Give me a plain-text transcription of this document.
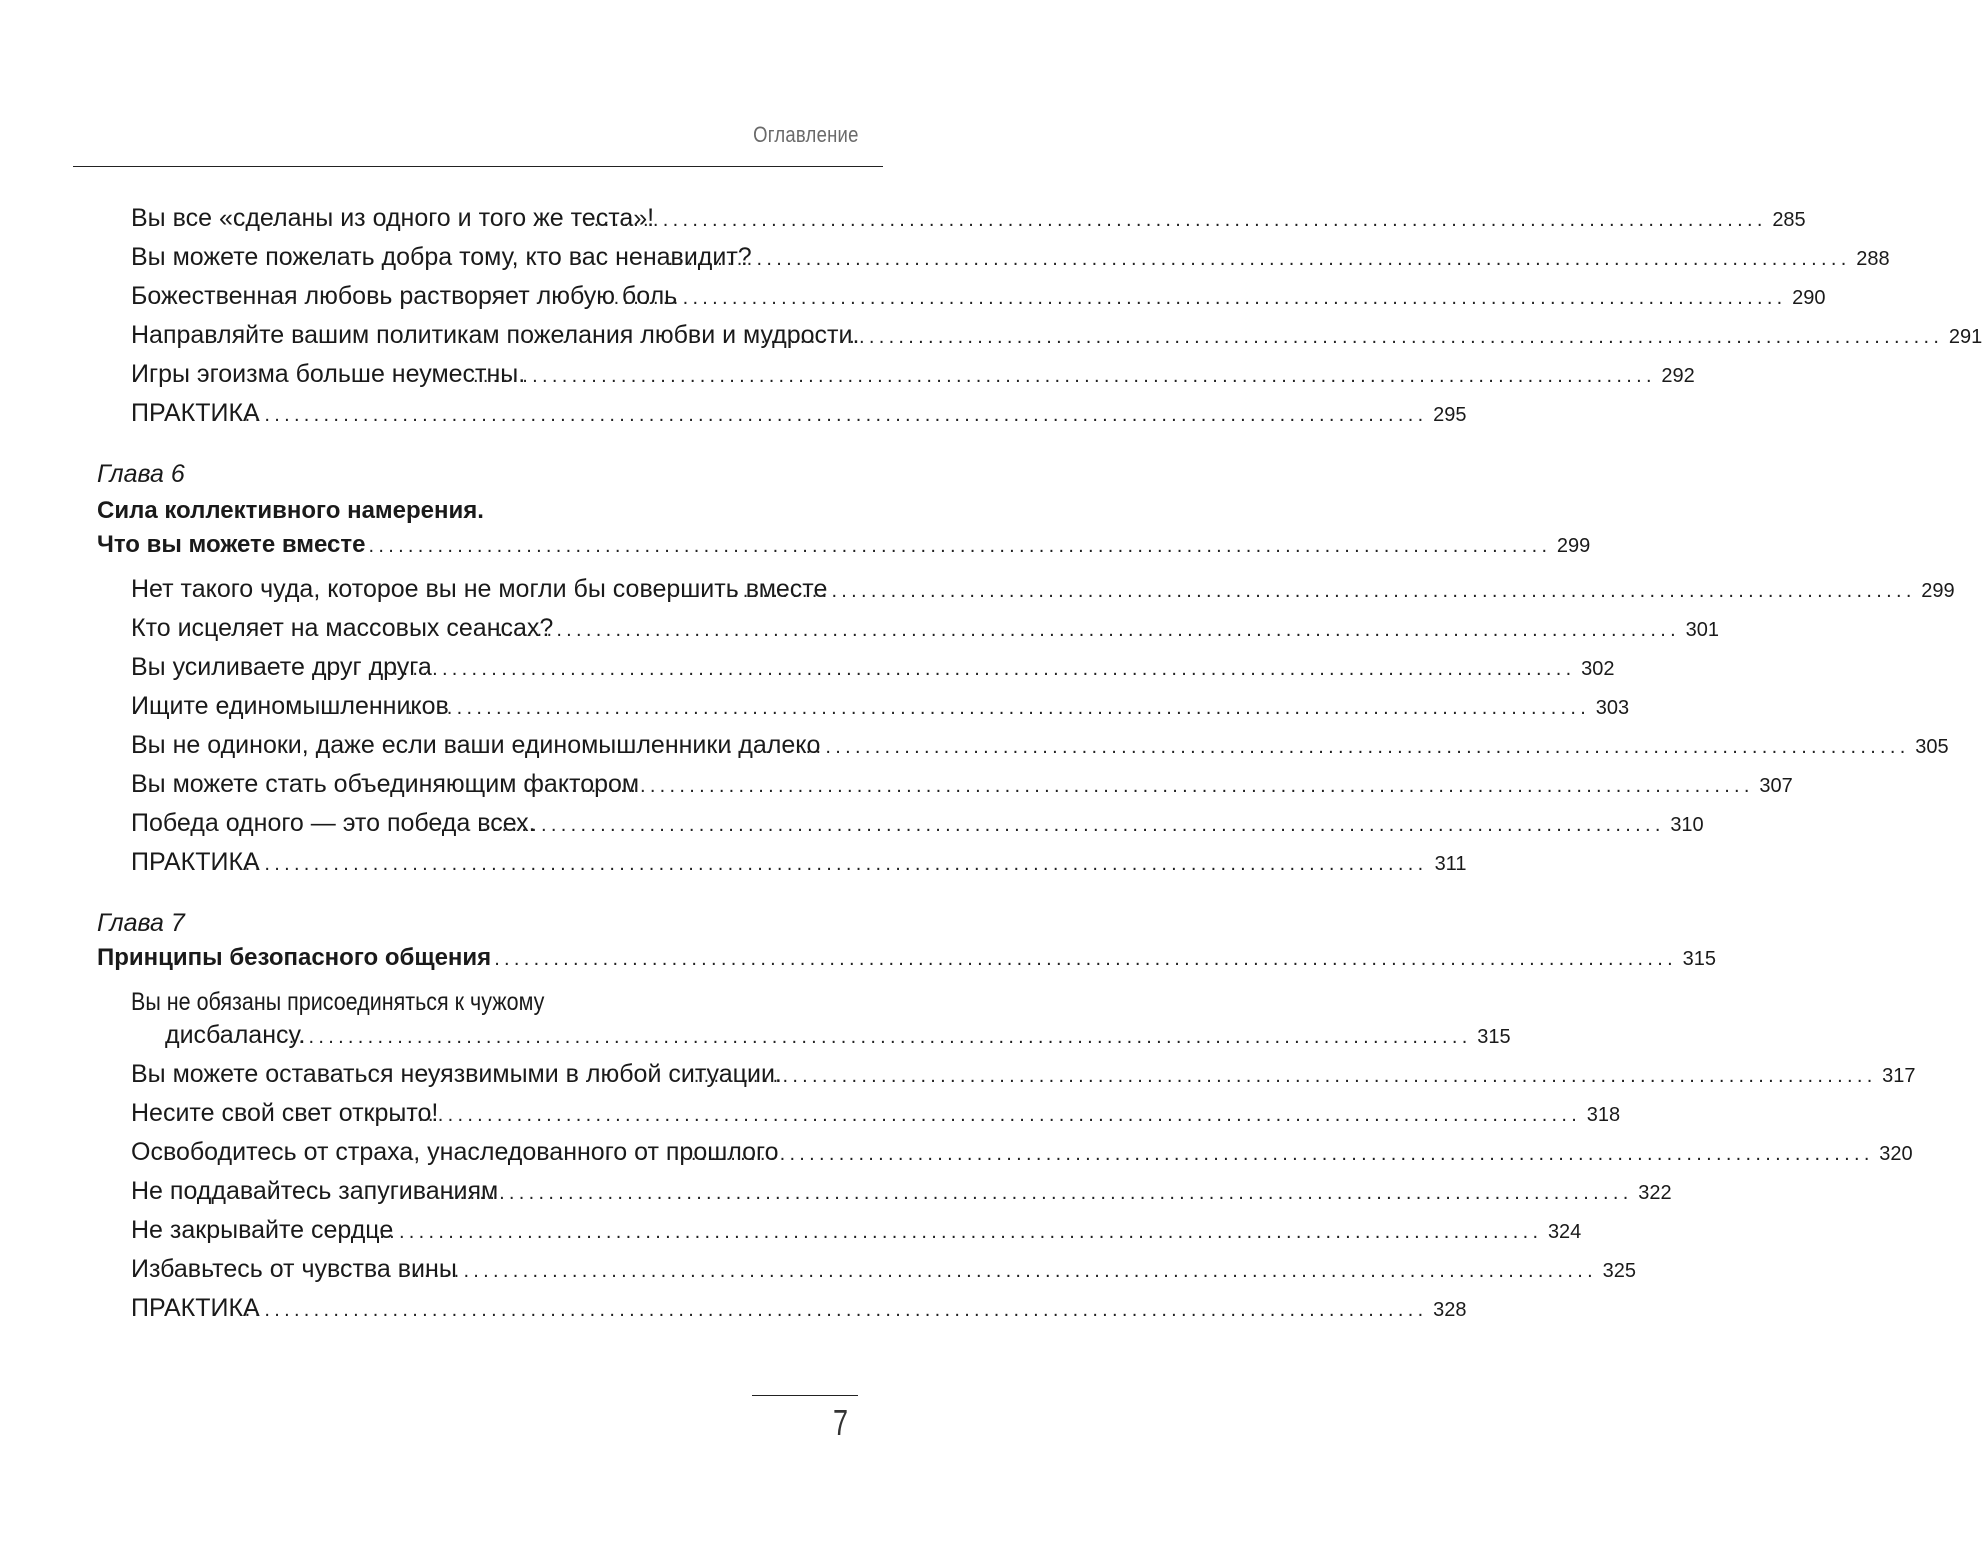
Оглавление
Вы все «сделаны из одного и того же теста»!
........................................................................................................................ 285
Вы можете пожелать добра тому, кто вас ненавидит?
........................................................................................................................ 288
Божественная любовь растворяет любую боль
........................................................................................................................ 290
Направляйте вашим политикам пожелания любви и мудрости.
........................................................................................................................ 291
Игры эгоизма больше неуместны.
........................................................................................................................ 292
ПРАКТИКА
........................................................................................................................ 295
Глава 6
Сила коллективного намерения.
Что вы можете вместе ........................................................................................................................ 299
Нет такого чуда, которое вы не могли бы совершить вместе
........................................................................................................................ 299
Кто исцеляет на массовых сеансах?
........................................................................................................................ 301
Вы усиливаете друг друга
........................................................................................................................ 302
Ищите единомышленников
........................................................................................................................ 303
Вы не одиноки, даже если ваши единомышленники далеко
........................................................................................................................ 305
Вы можете стать объединяющим фактором
........................................................................................................................ 307
Победа одного — это победа всех.
........................................................................................................................ 310
ПРАКТИКА
........................................................................................................................ 311
Глава 7
Принципы безопасного общения ........................................................................................................................ 315
Вы не обязаны присоединяться к чужому
дисбалансу.
........................................................................................................................ 315
Вы можете оставаться неуязвимыми в любой ситуации.
........................................................................................................................ 317
Несите свой свет открыто!
........................................................................................................................ 318
Освободитесь от страха, унаследованного от прошлого
........................................................................................................................ 320
Не поддавайтесь запугиваниям
........................................................................................................................ 322
Не закрывайте сердце
........................................................................................................................ 324
Избавьтесь от чувства вины
........................................................................................................................ 325
ПРАКТИКА
........................................................................................................................ 328
7
